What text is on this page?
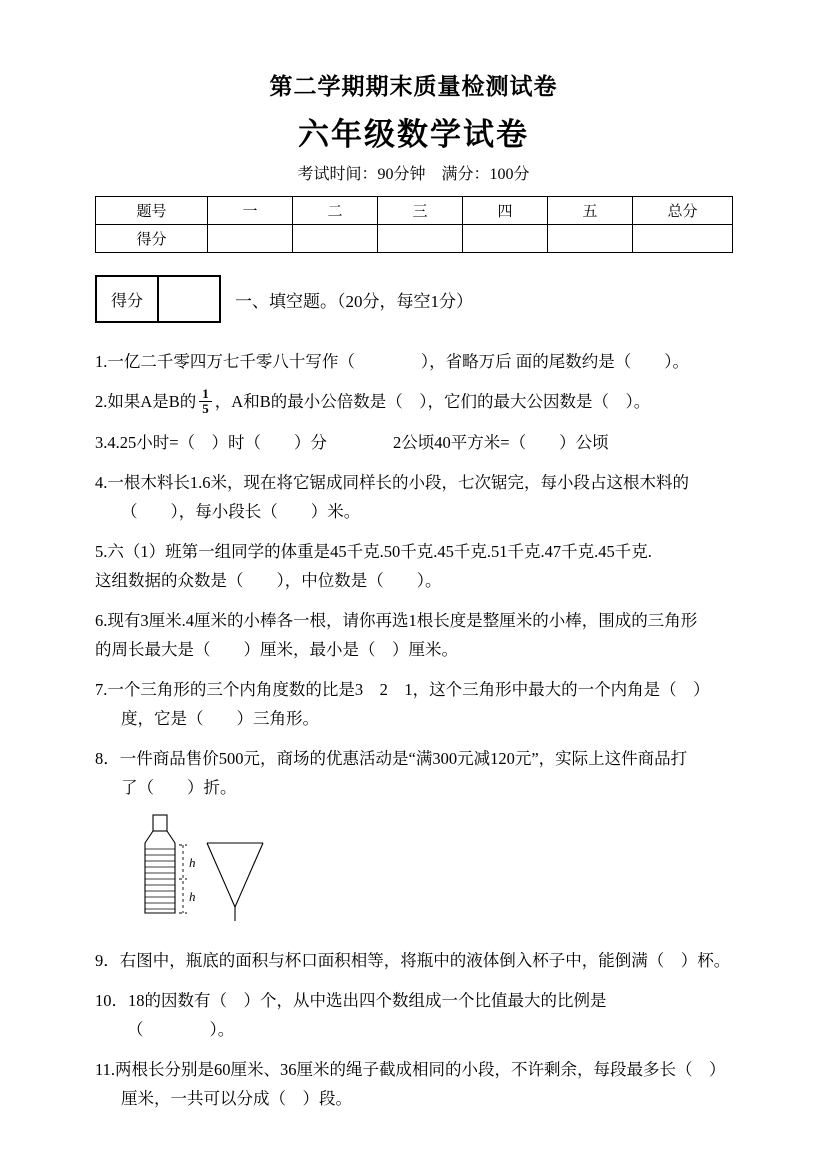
第二学期期末质量检测试卷
六年级数学试卷
考试时间：90分钟　满分：100分
题号	一	二	三	四	五	总分
得分						
得分	一、填空题。（20分，每空1分）

1.一亿二千零四万七千零八十写作（　　　　），省略万后 面的尾数约是（　　）。

2.如果A是B的 $\frac{1}{5}$ ，A和B的最小公倍数是（　），它们的最大公因数是（　）。

3.4.25小时=（　）时（　　）分　　　　2公顷40平方米=（　　）公顷

4.一根木料长1.6米，现在将它锯成同样长的小段，七次锯完，每小段占这根木料的

（　　），每小段长（　　）米。

5.六（1）班第一组同学的体重是45千克.50千克.45千克.51千克.47千克.45千克.

这组数据的众数是（　　），中位数是（　　）。

6.现有3厘米.4厘米的小棒各一根，请你再选1根长度是整厘米的小棒，围成的三角形

的周长最大是（　　）厘米，最小是（　）厘米。

7.一个三角形的三个内角度数的比是3　2　1，这个三角形中最大的一个内角是（　）

度，它是（　　）三角形。

8．一件商品售价500元，商场的优惠活动是“满300元减120元”，实际上这件商品打

了（　　）折。

h
h

9．右图中，瓶底的面积与杯口面积相等，将瓶中的液体倒入杯子中，能倒满（　）杯。

10．18的因数有（　）个，从中选出四个数组成一个比值最大的比例是

（　　　　）。

11.两根长分别是60厘米、36厘米的绳子截成相同的小段，不许剩余，每段最多长（　）

厘米，一共可以分成（　）段。
